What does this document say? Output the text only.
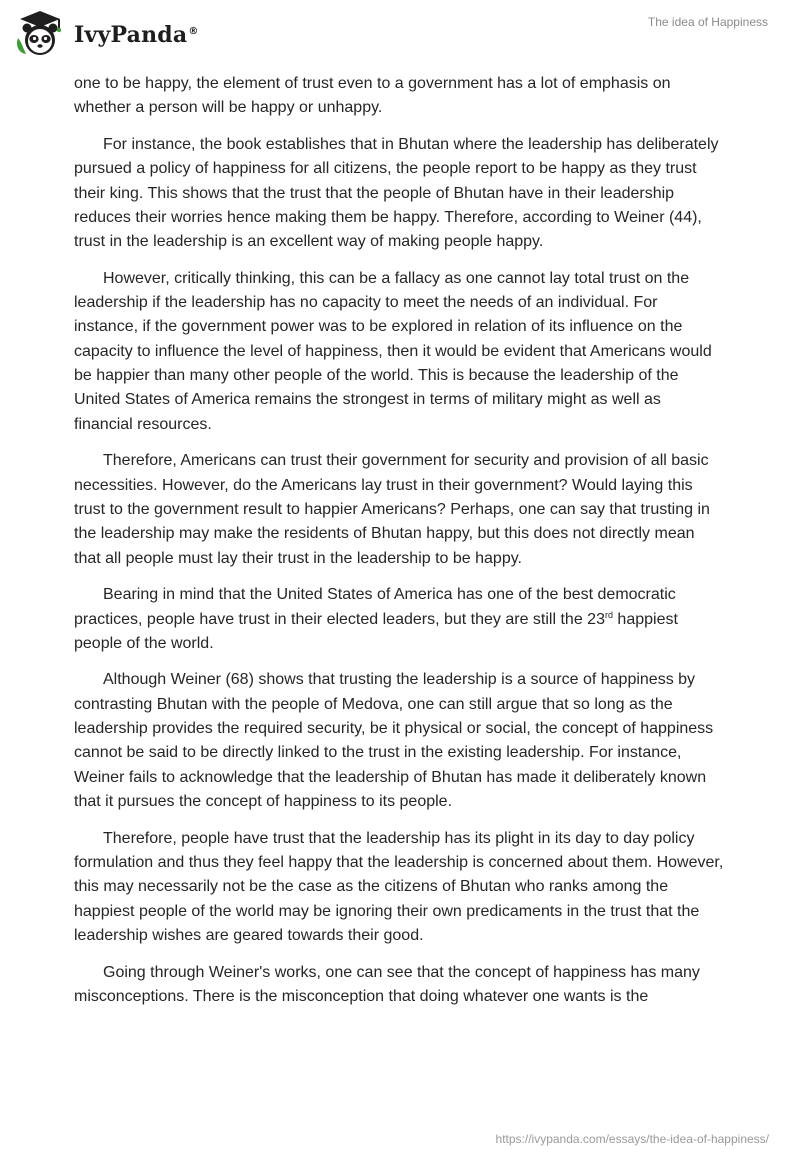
IvyPanda®
The idea of Happiness

one to be happy, the element of trust even to a government has a lot of emphasis on whether a person will be happy or unhappy.

For instance, the book establishes that in Bhutan where the leadership has deliberately pursued a policy of happiness for all citizens, the people report to be happy as they trust their king. This shows that the trust that the people of Bhutan have in their leadership reduces their worries hence making them be happy. Therefore, according to Weiner (44), trust in the leadership is an excellent way of making people happy.

However, critically thinking, this can be a fallacy as one cannot lay total trust on the leadership if the leadership has no capacity to meet the needs of an individual. For instance, if the government power was to be explored in relation of its influence on the capacity to influence the level of happiness, then it would be evident that Americans would be happier than many other people of the world. This is because the leadership of the United States of America remains the strongest in terms of military might as well as financial resources.

Therefore, Americans can trust their government for security and provision of all basic necessities. However, do the Americans lay trust in their government? Would laying this trust to the government result to happier Americans? Perhaps, one can say that trusting in the leadership may make the residents of Bhutan happy, but this does not directly mean that all people must lay their trust in the leadership to be happy.

Bearing in mind that the United States of America has one of the best democratic practices, people have trust in their elected leaders, but they are still the 23rd happiest people of the world.

Although Weiner (68) shows that trusting the leadership is a source of happiness by contrasting Bhutan with the people of Medova, one can still argue that so long as the leadership provides the required security, be it physical or social, the concept of happiness cannot be said to be directly linked to the trust in the existing leadership. For instance, Weiner fails to acknowledge that the leadership of Bhutan has made it deliberately known that it pursues the concept of happiness to its people.

Therefore, people have trust that the leadership has its plight in its day to day policy formulation and thus they feel happy that the leadership is concerned about them. However, this may necessarily not be the case as the citizens of Bhutan who ranks among the happiest people of the world may be ignoring their own predicaments in the trust that the leadership wishes are geared towards their good.

Going through Weiner's works, one can see that the concept of happiness has many misconceptions. There is the misconception that doing whatever one wants is the

https://ivypanda.com/essays/the-idea-of-happiness/
